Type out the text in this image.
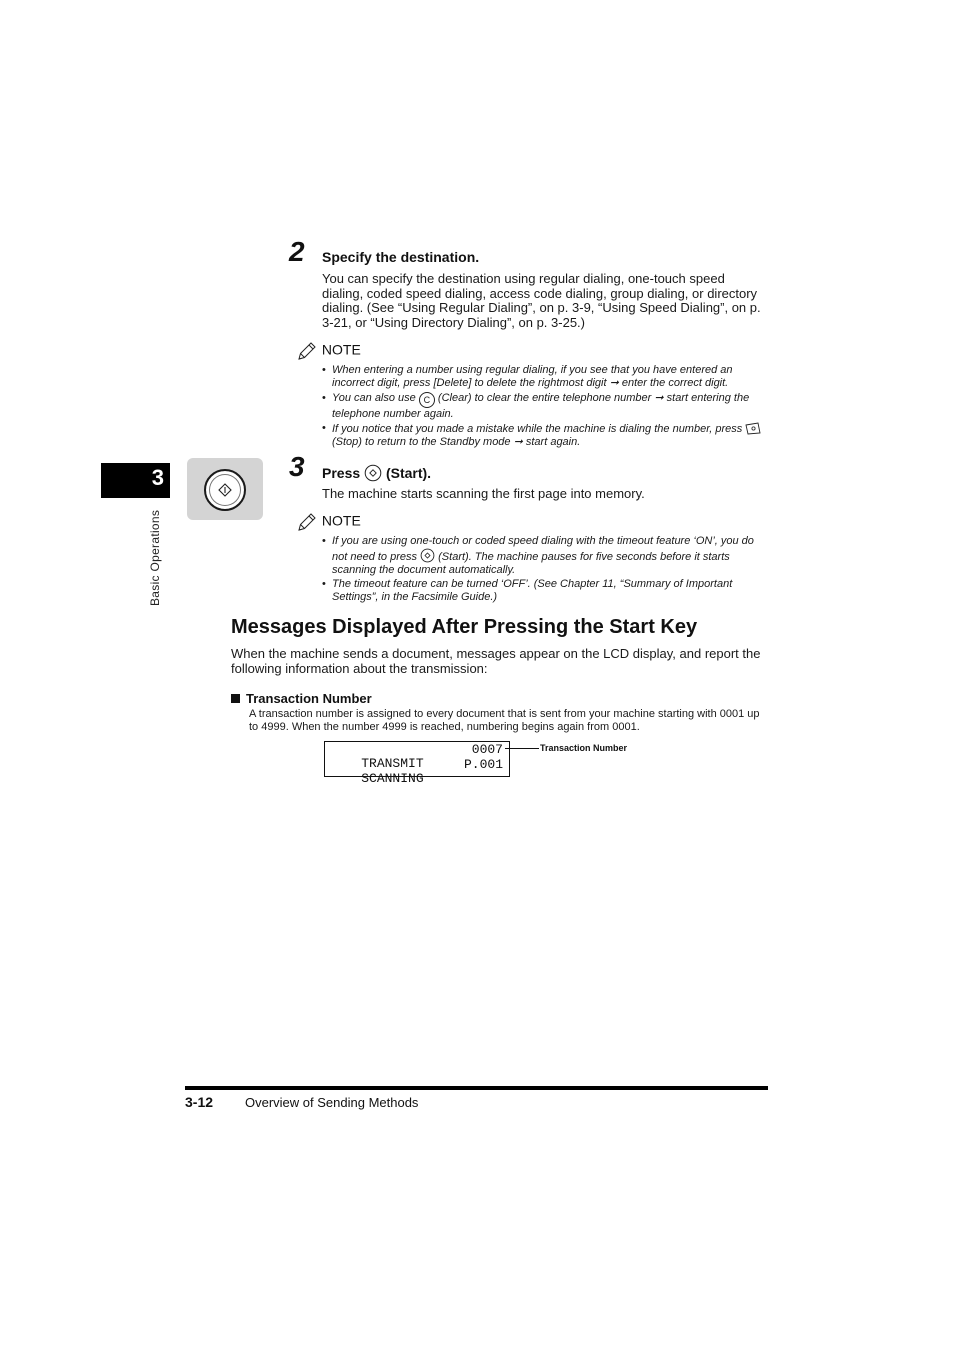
3
Basic Operations
2 Specify the destination.
You can specify the destination using regular dialing, one-touch speed dialing, coded speed dialing, access code dialing, group dialing, or directory dialing. (See “Using Regular Dialing”, on p. 3-9, “Using Speed Dialing”, on p. 3-21, or “Using Directory Dialing”, on p. 3-25.)
NOTE
• When entering a number using regular dialing, if you see that you have entered an incorrect digit, press [Delete] to delete the rightmost digit ➞ enter the correct digit.
• You can also use C (Clear) to clear the entire telephone number ➞ start entering the telephone number again.
• If you notice that you made a mistake while the machine is dialing the number, press  (Stop) to return to the Standby mode ➞ start again.
3 Press (Start).
The machine starts scanning the first page into memory.
NOTE
• If you are using one-touch or coded speed dialing with the timeout feature ‘ON’, you do not need to press (Start). The machine pauses for five seconds before it starts scanning the document automatically.
• The timeout feature can be turned ‘OFF’. (See Chapter 11, “Summary of Important Settings”, in the Facsimile Guide.)
Messages Displayed After Pressing the Start Key
When the machine sends a document, messages appear on the LCD display, and report the following information about the transmission:
Transaction Number
A transaction number is assigned to every document that is sent from your machine starting with 0001 up to 4999. When the number 4999 is reached, numbering begins again from 0001.

TRANSMIT

0007

SCANNING

P.001

Transaction Number
3-12 Overview of Sending Methods
